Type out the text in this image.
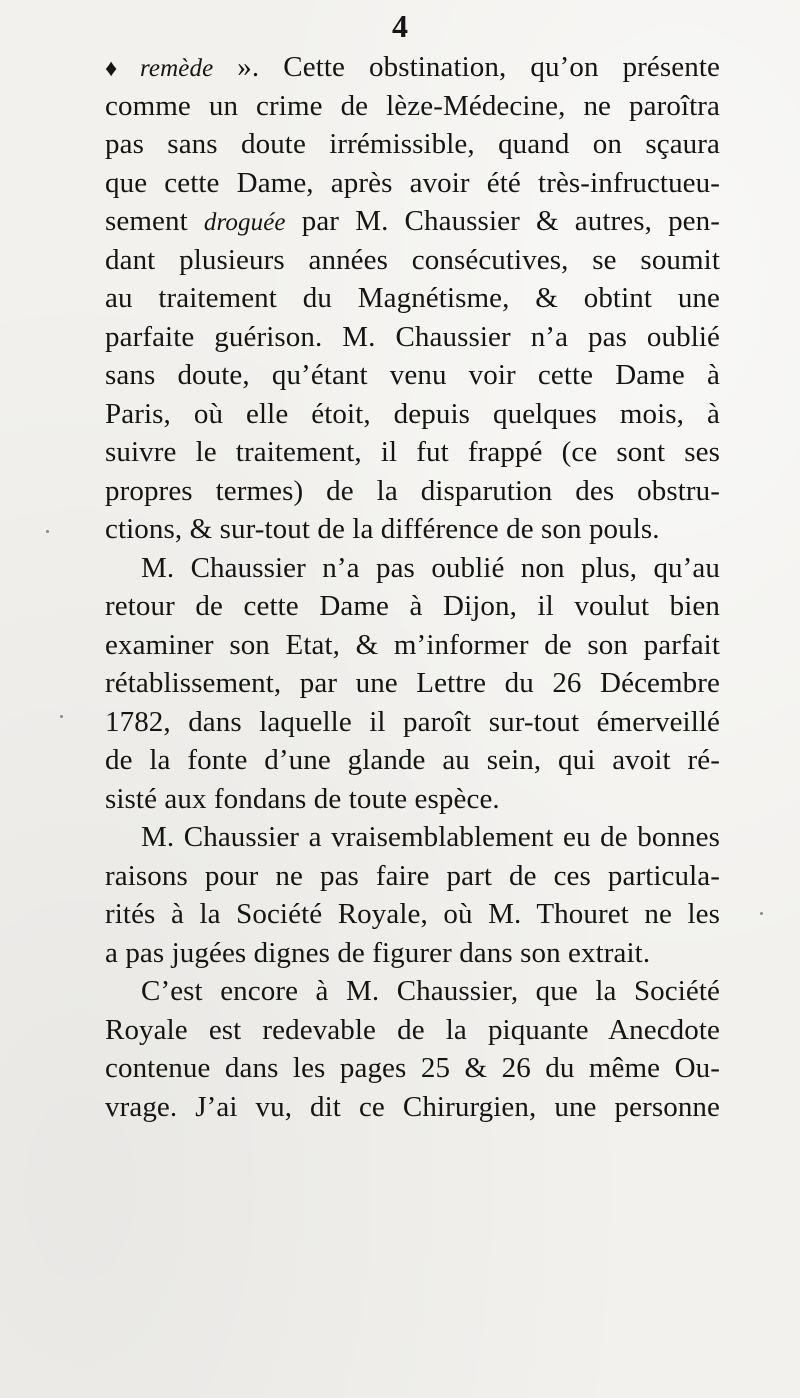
4
♦ remède ». Cette obstination, qu’on présente
comme un crime de lèze-Médecine, ne paroîtra
pas sans doute irrémissible, quand on sçaura
que cette Dame, après avoir été très-infructueu-
sement droguée par M. Chaussier & autres, pen-
dant plusieurs années consécutives, se soumit
au traitement du Magnétisme, & obtint une
parfaite guérison. M. Chaussier n’a pas oublié
sans doute, qu’étant venu voir cette Dame à
Paris, où elle étoit, depuis quelques mois, à
suivre le traitement, il fut frappé (ce sont ses
propres termes) de la disparution des obstru-
ctions, & sur-tout de la différence de son pouls.
M. Chaussier n’a pas oublié non plus, qu’au
retour de cette Dame à Dijon, il voulut bien
examiner son Etat, & m’informer de son parfait
rétablissement, par une Lettre du 26 Décembre
1782, dans laquelle il paroît sur-tout émerveillé
de la fonte d’une glande au sein, qui avoit ré-
sisté aux fondans de toute espèce.
M. Chaussier a vraisemblablement eu de bonnes
raisons pour ne pas faire part de ces particula-
rités à la Société Royale, où M. Thouret ne les
a pas jugées dignes de figurer dans son extrait.
C’est encore à M. Chaussier, que la Société
Royale est redevable de la piquante Anecdote
contenue dans les pages 25 & 26 du même Ou-
vrage. J’ai vu, dit ce Chirurgien, une personne
